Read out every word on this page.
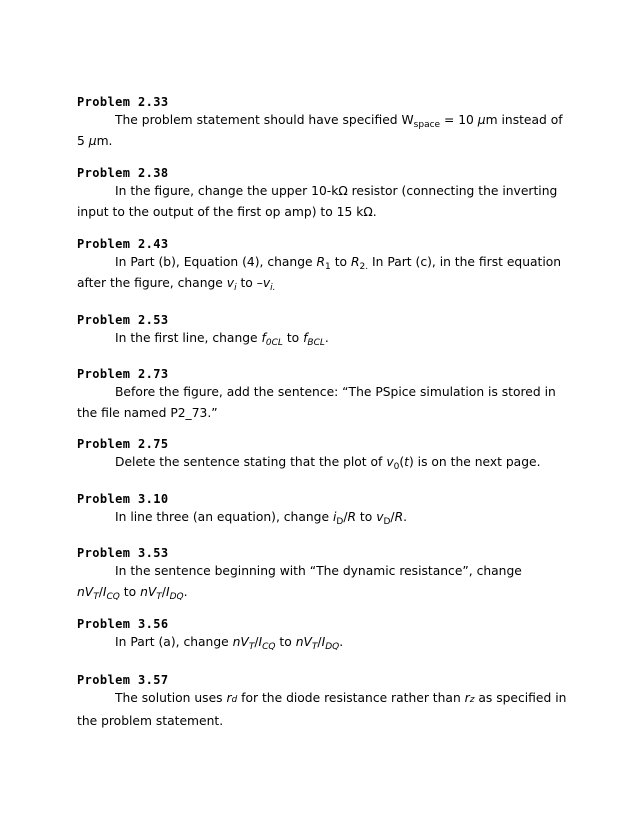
Problem 2.33

The problem statement should have specified $W_{space} = 10$ µm instead of 5 µm.

Problem 2.38

In the figure, change the upper 10-kΩ resistor (connecting the inverting input to the output of the first op amp) to 15 kΩ.

Problem 2.43

In Part (b), Equation (4), change $R_1$ to $R_{2.}$ In Part (c), in the first equation after the figure, change $v_i$ to $-v_{i.}$

Problem 2.53

In the first line, change $f_{0CL}$ to $f_{BCL}$.

Problem 2.73

Before the figure, add the sentence: “The PSpice simulation is stored in the file named P2_73.”

Problem 2.75

Delete the sentence stating that the plot of $v_0(t)$ is on the next page.

Problem 3.10

In line three (an equation), change $i_D/R$ to $v_D/R$.

Problem 3.53

In the sentence beginning with “The dynamic resistance”, change $nV_T/I_{CQ}$ to $nV_T/I_{DQ}$.

Problem 3.56

In Part (a), change $nV_T/I_{CQ}$ to $nV_T/I_{DQ}$.

Problem 3.57

The solution uses rd for the diode resistance rather than rz as specified in the problem statement.
